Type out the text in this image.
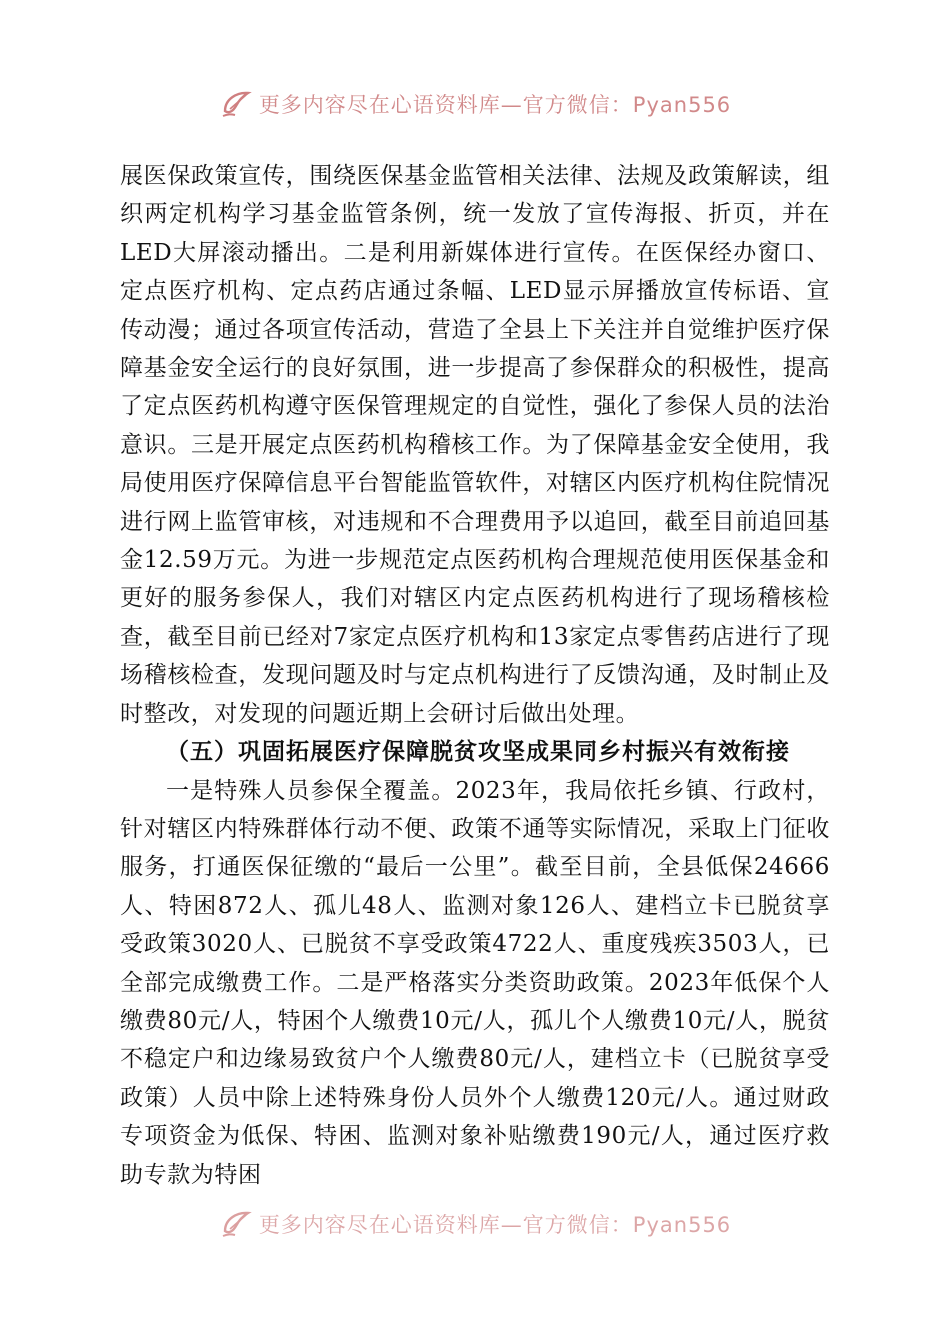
更多内容尽在心语资料库—官方微信：Pyan556

展医保政策宣传，围绕医保基金监管相关法律、法规及政策解读，组织两定机构学习基金监管条例，统一发放了宣传海报、折页，并在LED大屏滚动播出。二是利用新媒体进行宣传。在医保经办窗口、定点医疗机构、定点药店通过条幅、LED显示屏播放宣传标语、宣传动漫；通过各项宣传活动，营造了全县上下关注并自觉维护医疗保障基金安全运行的良好氛围，进一步提高了参保群众的积极性，提高了定点医药机构遵守医保管理规定的自觉性，强化了参保人员的法治意识。三是开展定点医药机构稽核工作。为了保障基金安全使用，我局使用医疗保障信息平台智能监管软件，对辖区内医疗机构住院情况进行网上监管审核，对违规和不合理费用予以追回，截至目前追回基金12.59万元。为进一步规范定点医药机构合理规范使用医保基金和更好的服务参保人，我们对辖区内定点医药机构进行了现场稽核检查，截至目前已经对7家定点医疗机构和13家定点零售药店进行了现场稽核检查，发现问题及时与定点机构进行了反馈沟通，及时制止及时整改，对发现的问题近期上会研讨后做出处理。

（五）巩固拓展医疗保障脱贫攻坚成果同乡村振兴有效衔接

一是特殊人员参保全覆盖。2023年，我局依托乡镇、行政村，针对辖区内特殊群体行动不便、政策不通等实际情况，采取上门征收服务，打通医保征缴的“最后一公里”。截至目前，全县低保24666人、特困872人、孤儿48人、监测对象126人、建档立卡已脱贫享受政策3020人、已脱贫不享受政策4722人、重度残疾3503人，已全部完成缴费工作。二是严格落实分类资助政策。2023年低保个人缴费80元/人，特困个人缴费10元/人，孤儿个人缴费10元/人，脱贫不稳定户和边缘易致贫户个人缴费80元/人，建档立卡（已脱贫享受政策）人员中除上述特殊身份人员外个人缴费120元/人。通过财政专项资金为低保、特困、监测对象补贴缴费190元/人，通过医疗救助专款为特困

更多内容尽在心语资料库—官方微信：Pyan556
